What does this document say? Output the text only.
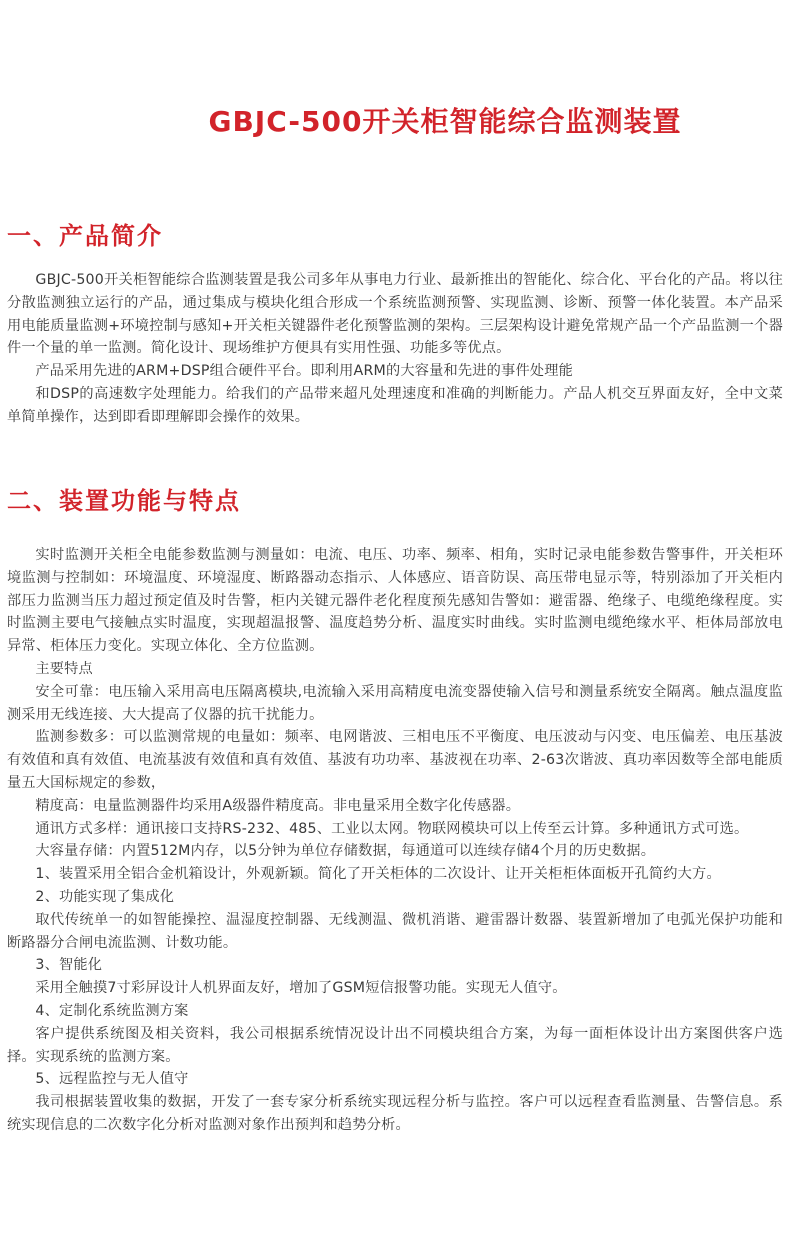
GBJC-500开关柜智能综合监测装置
一、产品简介

GBJC-500开关柜智能综合监测装置是我公司多年从事电力行业、最新推出的智能化、综合化、平台化的产品。将以往分散监测独立运行的产品，通过集成与模块化组合形成一个系统监测预警、实现监测、诊断、预警一体化装置。本产品采用电能质量监测+环境控制与感知+开关柜关键器件老化预警监测的架构。三层架构设计避免常规产品一个产品监测一个器件一个量的单一监测。简化设计、现场维护方便具有实用性强、功能多等优点。

产品采用先进的ARM+DSP组合硬件平台。即利用ARM的大容量和先进的事件处理能

和DSP的高速数字处理能力。给我们的产品带来超凡处理速度和准确的判断能力。产品人机交互界面友好，全中文菜单简单操作，达到即看即理解即会操作的效果。

二、装置功能与特点

实时监测开关柜全电能参数监测与测量如：电流、电压、功率、频率、相角，实时记录电能参数告警事件，开关柜环境监测与控制如：环境温度、环境湿度、断路器动态指示、人体感应、语音防误、高压带电显示等，特别添加了开关柜内部压力监测当压力超过预定值及时告警，柜内关键元器件老化程度预先感知告警如：避雷器、绝缘子、电缆绝缘程度。实时监测主要电气接触点实时温度，实现超温报警、温度趋势分析、温度实时曲线。实时监测电缆绝缘水平、柜体局部放电异常、柜体压力变化。实现立体化、全方位监测。

主要特点

安全可靠：电压输入采用高电压隔离模块,电流输入采用高精度电流变器使输入信号和测量系统安全隔离。触点温度监测采用无线连接、大大提高了仪器的抗干扰能力。

监测参数多：可以监测常规的电量如：频率、电网谐波、三相电压不平衡度、电压波动与闪变、电压偏差、电压基波有效值和真有效值、电流基波有效值和真有效值、基波有功功率、基波视在功率、2-63次谐波、真功率因数等全部电能质量五大国标规定的参数，

精度高：电量监测器件均采用A级器件精度高。非电量采用全数字化传感器。

通讯方式多样：通讯接口支持RS-232、485、工业以太网。物联网模块可以上传至云计算。多种通讯方式可选。

大容量存储：内置512M内存，以5分钟为单位存储数据，每通道可以连续存储4个月的历史数据。

1、装置采用全铝合金机箱设计，外观新颖。简化了开关柜体的二次设计、让开关柜柜体面板开孔简约大方。

2、功能实现了集成化

取代传统单一的如智能操控、温湿度控制器、无线测温、微机消谐、避雷器计数器、装置新增加了电弧光保护功能和断路器分合闸电流监测、计数功能。

3、智能化

采用全触摸7寸彩屏设计人机界面友好，增加了GSM短信报警功能。实现无人值守。

4、定制化系统监测方案

客户提供系统图及相关资料，我公司根据系统情况设计出不同模块组合方案，为每一面柜体设计出方案图供客户选择。实现系统的监测方案。

5、远程监控与无人值守

我司根据装置收集的数据，开发了一套专家分析系统实现远程分析与监控。客户可以远程查看监测量、告警信息。系统实现信息的二次数字化分析对监测对象作出预判和趋势分析。
